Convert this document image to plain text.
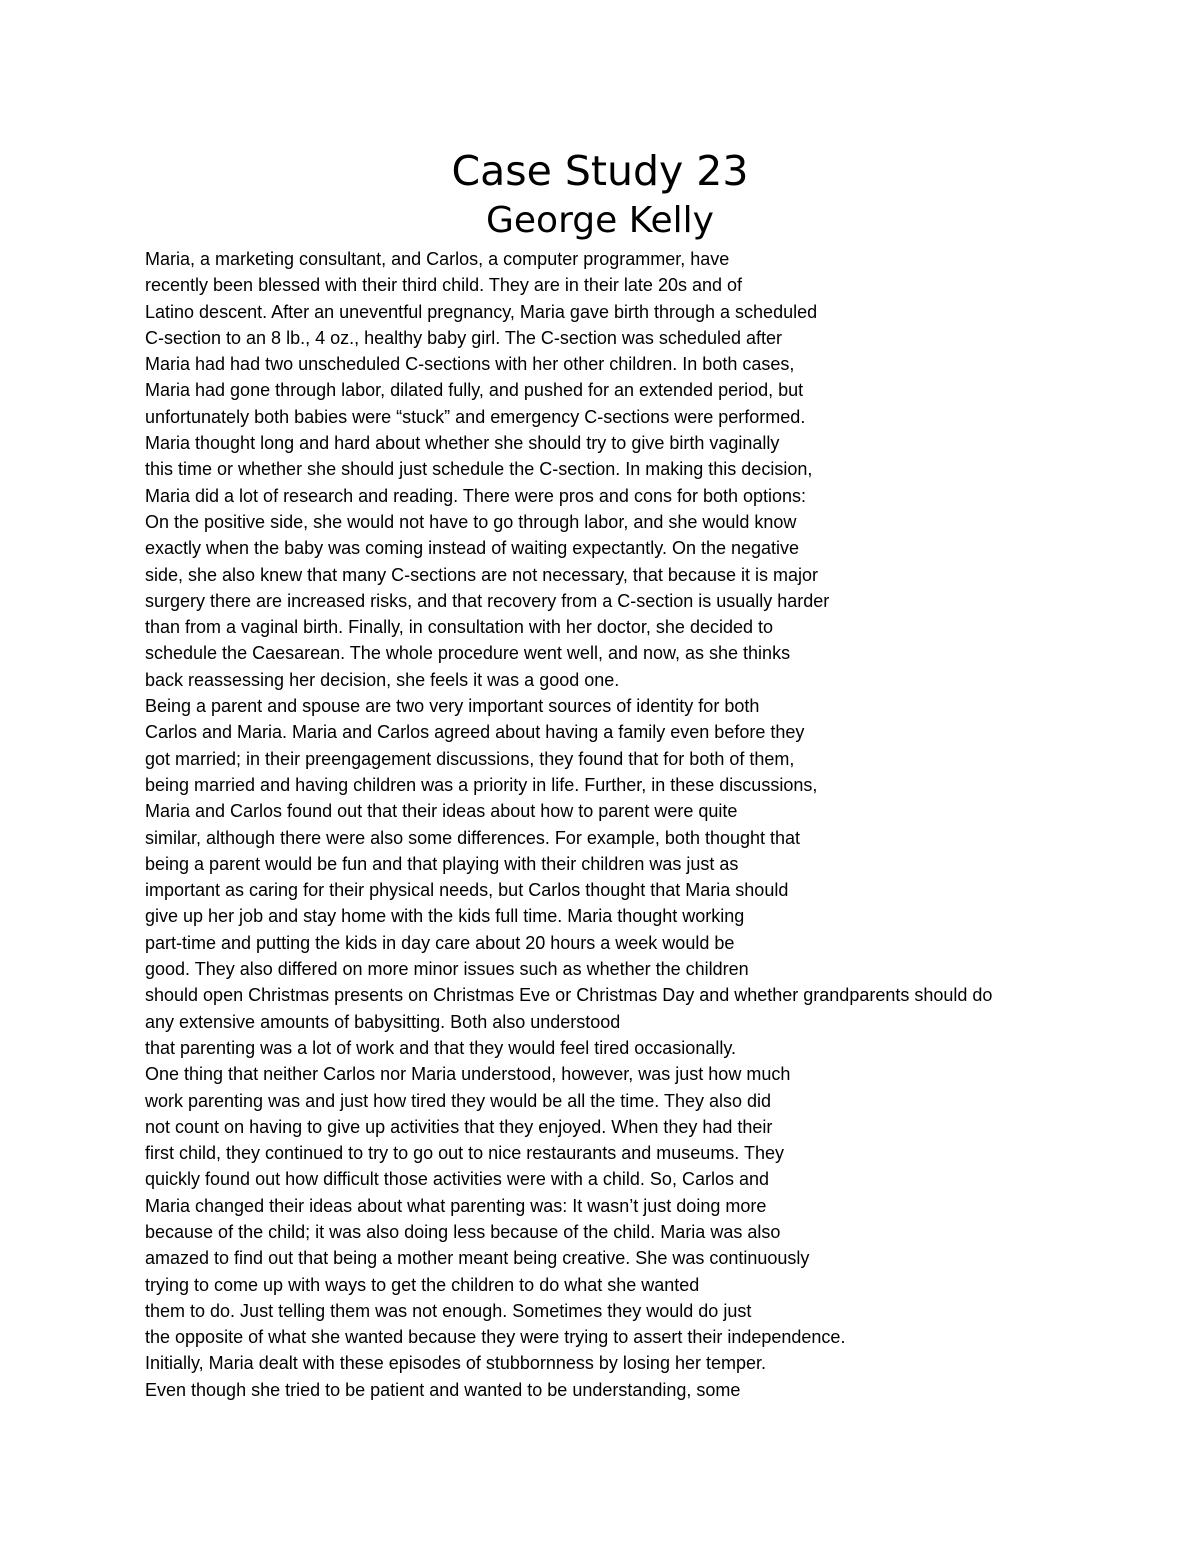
Case Study 23
George Kelly
Maria, a marketing consultant, and Carlos, a computer programmer, have
recently been blessed with their third child. They are in their late 20s and of
Latino descent. After an uneventful pregnancy, Maria gave birth through a scheduled
C-section to an 8 lb., 4 oz., healthy baby girl. The C-section was scheduled after
Maria had had two unscheduled C-sections with her other children. In both cases,
Maria had gone through labor, dilated fully, and pushed for an extended period, but
unfortunately both babies were “stuck” and emergency C-sections were performed.
Maria thought long and hard about whether she should try to give birth vaginally
this time or whether she should just schedule the C-section. In making this decision,
Maria did a lot of research and reading. There were pros and cons for both options:
On the positive side, she would not have to go through labor, and she would know
exactly when the baby was coming instead of waiting expectantly. On the negative
side, she also knew that many C-sections are not necessary, that because it is major
surgery there are increased risks, and that recovery from a C-section is usually harder
than from a vaginal birth. Finally, in consultation with her doctor, she decided to
schedule the Caesarean. The whole procedure went well, and now, as she thinks
back reassessing her decision, she feels it was a good one.
Being a parent and spouse are two very important sources of identity for both
Carlos and Maria. Maria and Carlos agreed about having a family even before they
got married; in their preengagement discussions, they found that for both of them,
being married and having children was a priority in life. Further, in these discussions,
Maria and Carlos found out that their ideas about how to parent were quite
similar, although there were also some differences. For example, both thought that
being a parent would be fun and that playing with their children was just as
important as caring for their physical needs, but Carlos thought that Maria should
give up her job and stay home with the kids full time. Maria thought working
part-time and putting the kids in day care about 20 hours a week would be
good. They also differed on more minor issues such as whether the children
should open Christmas presents on Christmas Eve or Christmas Day and whether grandparents should do
any extensive amounts of babysitting. Both also understood
that parenting was a lot of work and that they would feel tired occasionally.
One thing that neither Carlos nor Maria understood, however, was just how much
work parenting was and just how tired they would be all the time. They also did
not count on having to give up activities that they enjoyed. When they had their
first child, they continued to try to go out to nice restaurants and museums. They
quickly found out how difficult those activities were with a child. So, Carlos and
Maria changed their ideas about what parenting was: It wasn’t just doing more
because of the child; it was also doing less because of the child. Maria was also
amazed to find out that being a mother meant being creative. She was continuously
trying to come up with ways to get the children to do what she wanted
them to do. Just telling them was not enough. Sometimes they would do just
the opposite of what she wanted because they were trying to assert their independence.
Initially, Maria dealt with these episodes of stubbornness by losing her temper.
Even though she tried to be patient and wanted to be understanding, some
